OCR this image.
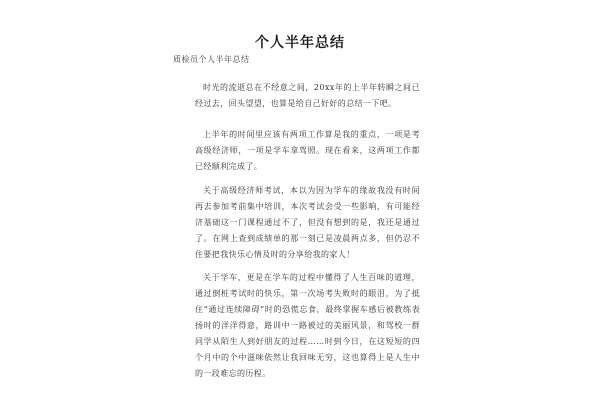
个人半年总结
质检员个人半年总结

时光的流逝总在不经意之间，20xx年的上半年转瞬之间已经过去，回头望望，也算是给自己好好的总结一下吧。

上半年的时间里应该有两项工作算是我的重点，一项是考高级经济师，一项是学车拿驾照。现在看来，这两项工作都已经顺利完成了。

关于高级经济师考试，本以为因为学车的缘故我没有时间再去参加考前集中培训，本次考试会受一些影响，有可能经济基础这一门课程通过不了，但没有想到的是，我还是通过了。在网上查到成绩单的那一刻已是凌晨两点多，但仍忍不住要把我快乐心情及时的分享给我的家人！

关于学车，更是在学车的过程中懂得了人生百味的道理，通过倒桩考试时的快乐，第一次场考失败时的眼泪，为了抵住“通过连续障碍”时的恐慌忘食，最终掌握车感后被教练表扬时的洋洋得意，路训中一路被过的美丽风景，和驾校一群同学从陌生人到好朋友的过程……时到今日，在这短短的四个月中的个中滋味依然让我回味无穷，这也算得上是人生中的一段难忘的历程。
